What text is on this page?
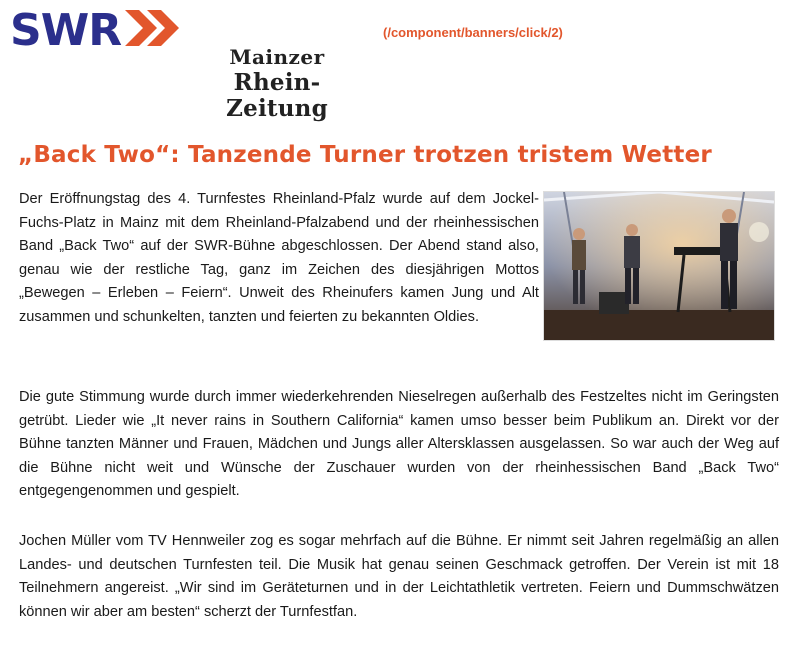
SWR	(/component/banners/click/2)
Mainzer
Rhein-Zeitung
„Back Two“: Tanzende Turner trotzen tristem Wetter

Der Eröffnungstag des 4. Turnfestes Rheinland-Pfalz wurde auf dem Jockel-Fuchs-Platz in Mainz mit dem Rheinland-Pfalzabend und der rheinhessischen Band „Back Two“ auf der SWR-Bühne abgeschlossen. Der Abend stand also, genau wie der restliche Tag, ganz im Zeichen des diesjährigen Mottos „Bewegen – Erleben – Feiern“. Unweit des Rheinufers kamen Jung und Alt zusammen und schunkelten, tanzten und feierten zu bekannten Oldies.

Die gute Stimmung wurde durch immer wiederkehrenden Nieselregen außerhalb des Festzeltes nicht im Geringsten getrübt. Lieder wie „It never rains in Southern California“ kamen umso besser beim Publikum an. Direkt vor der Bühne tanzten Männer und Frauen, Mädchen und Jungs aller Altersklassen ausgelassen. So war auch der Weg auf die Bühne nicht weit und Wünsche der Zuschauer wurden von der rheinhessischen Band „Back Two“ entgegengenommen und gespielt.

Jochen Müller vom TV Hennweiler zog es sogar mehrfach auf die Bühne. Er nimmt seit Jahren regelmäßig an allen Landes- und deutschen Turnfesten teil. Die Musik hat genau seinen Geschmack getroffen. Der Verein ist mit 18 Teilnehmern angereist. „Wir sind im Geräteturnen und in der Leichtathletik vertreten. Feiern und Dummschwätzen können wir aber am besten“ scherzt der Turnfestfan.
